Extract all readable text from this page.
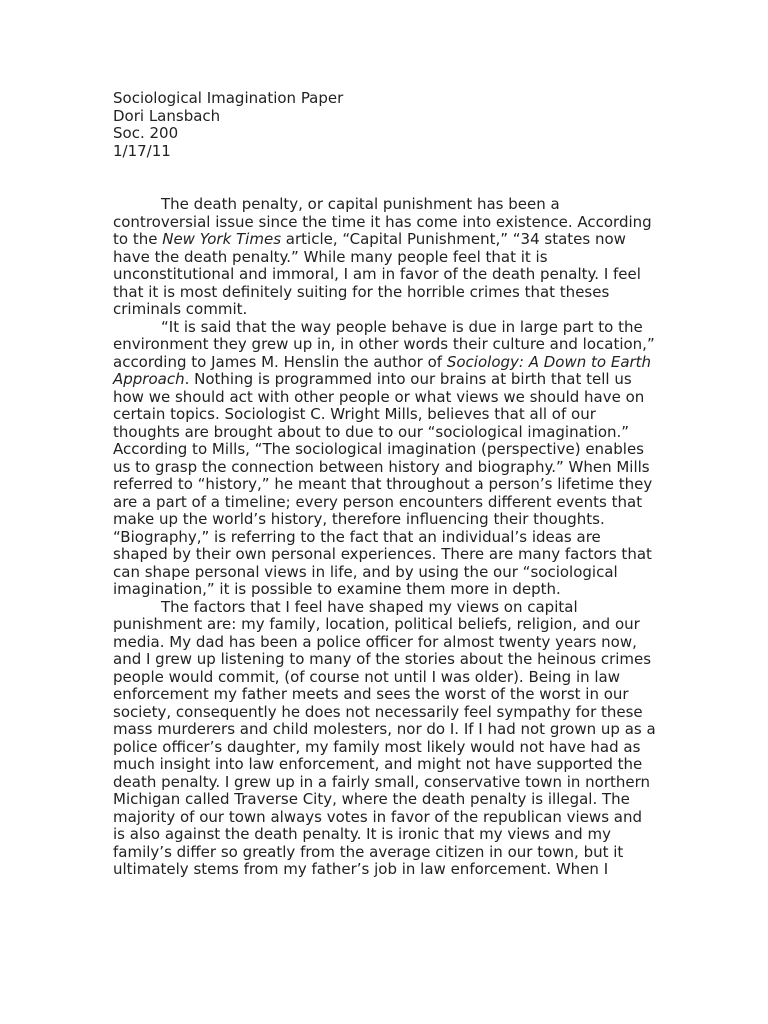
Sociological Imagination Paper
Dori Lansbach
Soc. 200
1/17/11

The death penalty, or capital punishment has been a controversial issue since the time it has come into existence. According to the New York Times article, “Capital Punishment,” “34 states now have the death penalty.” While many people feel that it is unconstitutional and immoral, I am in favor of the death penalty. I feel that it is most definitely suiting for the horrible crimes that theses criminals commit.

“It is said that the way people behave is due in large part to the environment they grew up in, in other words their culture and location,” according to James M. Henslin the author of Sociology: A Down to Earth Approach. Nothing is programmed into our brains at birth that tell us how we should act with other people or what views we should have on certain topics. Sociologist C. Wright Mills, believes that all of our thoughts are brought about to due to our “sociological imagination.” According to Mills, “The sociological imagination (perspective) enables us to grasp the connection between history and biography.” When Mills referred to “history,” he meant that throughout a person’s lifetime they are a part of a timeline; every person encounters different events that make up the world’s history, therefore influencing their thoughts. “Biography,” is referring to the fact that an individual’s ideas are shaped by their own personal experiences. There are many factors that can shape personal views in life, and by using the our “sociological imagination,” it is possible to examine them more in depth.

The factors that I feel have shaped my views on capital punishment are: my family, location, political beliefs, religion, and our media. My dad has been a police officer for almost twenty years now, and I grew up listening to many of the stories about the heinous crimes people would commit, (of course not until I was older). Being in law enforcement my father meets and sees the worst of the worst in our society, consequently he does not necessarily feel sympathy for these mass murderers and child molesters, nor do I. If I had not grown up as a police officer’s daughter, my family most likely would not have had as much insight into law enforcement, and might not have supported the death penalty. I grew up in a fairly small, conservative town in northern Michigan called Traverse City, where the death penalty is illegal. The majority of our town always votes in favor of the republican views and is also against the death penalty. It is ironic that my views and my family’s differ so greatly from the average citizen in our town, but it ultimately stems from my father’s job in law enforcement. When I
